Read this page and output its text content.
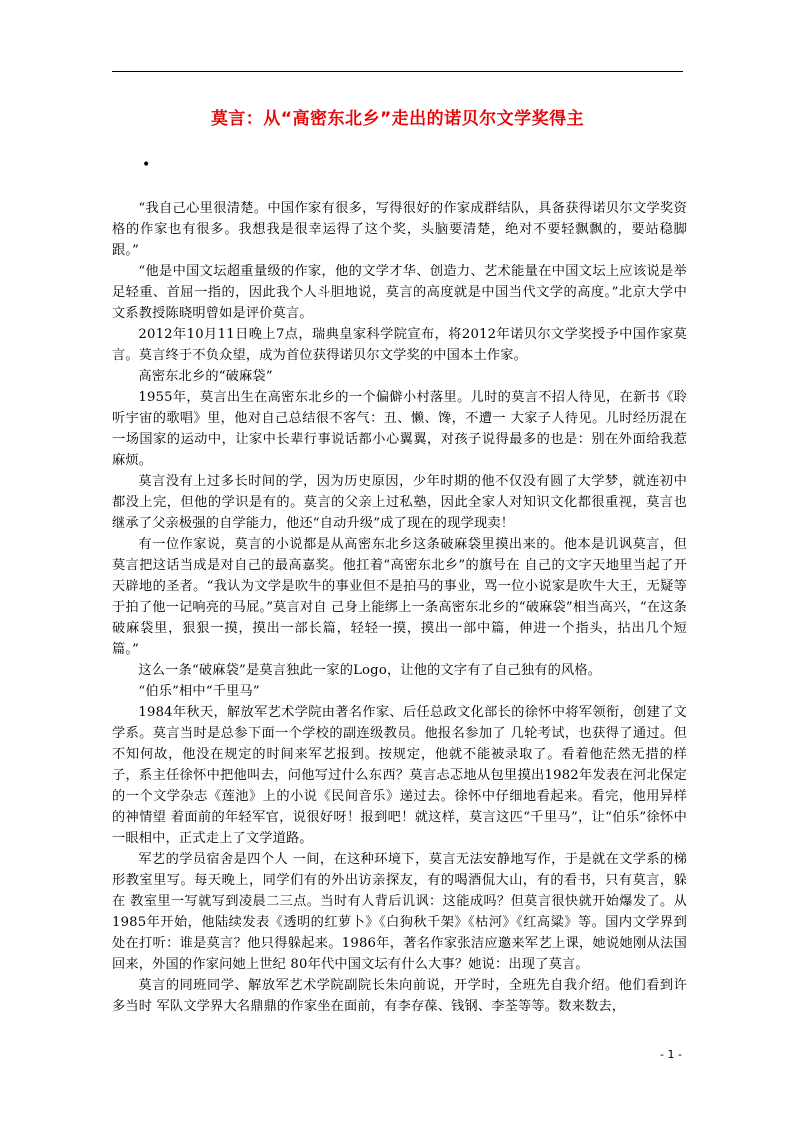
莫言：从“高密东北乡”走出的诺贝尔文学奖得主
•

“我自己心里很清楚。中国作家有很多，写得很好的作家成群结队，具备获得诺贝尔文学奖资格的作家也有很多。我想我是很幸运得了这个奖，头脑要清楚，绝对不要轻飘飘的，要站稳脚跟。”

“他是中国文坛超重量级的作家，他的文学才华、创造力、艺术能量在中国文坛上应该说是举足轻重、首屈一指的，因此我个人斗胆地说，莫言的高度就是中国当代文学的高度。”北京大学中文系教授陈晓明曾如是评价莫言。

2012年10月11日晚上7点，瑞典皇家科学院宣布，将2012年诺贝尔文学奖授予中国作家莫言。莫言终于不负众望，成为首位获得诺贝尔文学奖的中国本土作家。

高密东北乡的“破麻袋”

1955年，莫言出生在高密东北乡的一个偏僻小村落里。儿时的莫言不招人待见，在新书《聆听宇宙的歌唱》里，他对自己总结很不客气：丑、懒、馋，不遭一 大家子人待见。儿时经历混在一场国家的运动中，让家中长辈行事说话都小心翼翼，对孩子说得最多的也是：别在外面给我惹麻烦。

莫言没有上过多长时间的学，因为历史原因，少年时期的他不仅没有圆了大学梦，就连初中都没上完，但他的学识是有的。莫言的父亲上过私塾，因此全家人对知识文化都很重视，莫言也继承了父亲极强的自学能力，他还“自动升级”成了现在的现学现卖！

有一位作家说，莫言的小说都是从高密东北乡这条破麻袋里摸出来的。他本是讥讽莫言，但莫言把这话当成是对自己的最高嘉奖。他扛着“高密东北乡”的旗号在 自己的文字天地里当起了开天辟地的圣者。“我认为文学是吹牛的事业但不是拍马的事业，骂一位小说家是吹牛大王，无疑等于拍了他一记响亮的马屁。”莫言对自 己身上能绑上一条高密东北乡的“破麻袋”相当高兴，“在这条破麻袋里，狠狠一摸，摸出一部长篇，轻轻一摸，摸出一部中篇，伸进一个指头，拈出几个短篇。”

这么一条“破麻袋”是莫言独此一家的Logo，让他的文字有了自己独有的风格。

“伯乐”相中“千里马”

1984年秋天，解放军艺术学院由著名作家、后任总政文化部长的徐怀中将军领衔，创建了文学系。莫言当时是总参下面一个学校的副连级教员。他报名参加了 几轮考试，也获得了通过。但不知何故，他没在规定的时间来军艺报到。按规定，他就不能被录取了。看着他茫然无措的样子，系主任徐怀中把他叫去，问他写过什么东西？莫言忐忑地从包里摸出1982年发表在河北保定的一个文学杂志《莲池》上的小说《民间音乐》递过去。徐怀中仔细地看起来。看完，他用异样的神情望 着面前的年轻军官，说很好呀！报到吧！就这样，莫言这匹“千里马”，让“伯乐”徐怀中一眼相中，正式走上了文学道路。

军艺的学员宿舍是四个人 一间，在这种环境下，莫言无法安静地写作，于是就在文学系的梯形教室里写。每天晚上，同学们有的外出访亲探友，有的喝酒侃大山，有的看书，只有莫言，躲在 教室里一写就写到凌晨二三点。当时有人背后讥讽：这能成吗？但莫言很快就开始爆发了。从1985年开始，他陆续发表《透明的红萝卜》《白狗秋千架》《枯河》《红高粱》等。国内文学界到处在打听：谁是莫言？他只得躲起来。1986年，著名作家张洁应邀来军艺上课，她说她刚从法国回来，外国的作家问她上世纪 80年代中国文坛有什么大事？她说：出现了莫言。

莫言的同班同学、解放军艺术学院副院长朱向前说，开学时，全班先自我介绍。他们看到许多当时 军队文学界大名鼎鼎的作家坐在面前，有李存葆、钱钢、李荃等等。数来数去，

- 1 -
